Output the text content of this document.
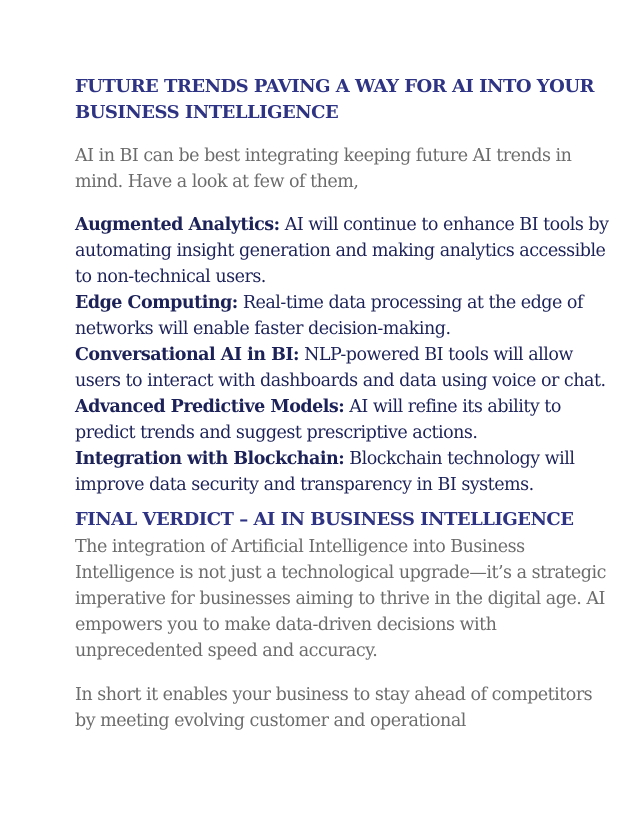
FUTURE TRENDS PAVING A WAY FOR AI INTO YOUR BUSINESS INTELLIGENCE

AI in BI can be best integrating keeping future AI trends in mind. Have a look at few of them,

Augmented Analytics: AI will continue to enhance BI tools by automating insight generation and making analytics accessible to non-technical users.

Edge Computing: Real-time data processing at the edge of networks will enable faster decision-making.

Conversational AI in BI: NLP-powered BI tools will allow users to interact with dashboards and data using voice or chat.

Advanced Predictive Models: AI will refine its ability to predict trends and suggest prescriptive actions.

Integration with Blockchain: Blockchain technology will improve data security and transparency in BI systems.

FINAL VERDICT – AI IN BUSINESS INTELLIGENCE

The integration of Artificial Intelligence into Business Intelligence is not just a technological upgrade—it’s a strategic imperative for businesses aiming to thrive in the digital age. AI empowers you to make data-driven decisions with unprecedented speed and accuracy.

In short it enables your business to stay ahead of competitors by meeting evolving customer and operational
